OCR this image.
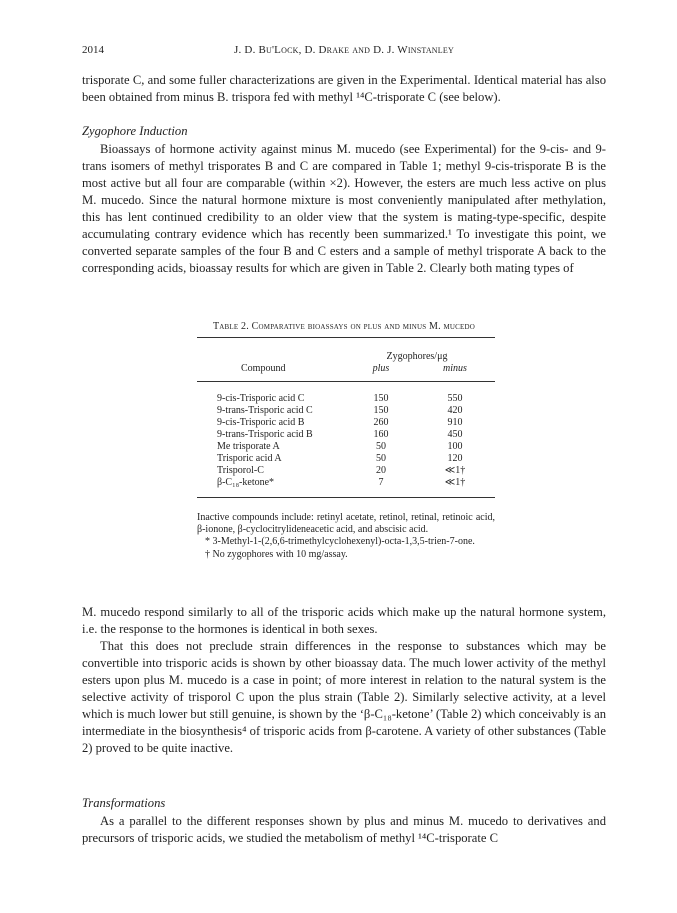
2014	J. D. Bu'Lock, D. Drake and D. J. Winstanley

trisporate C, and some fuller characterizations are given in the Experimental. Identical material has also been obtained from minus B. trispora fed with methyl ¹⁴C-trisporate C (see below).

Zygophore Induction

Bioassays of hormone activity against minus M. mucedo (see Experimental) for the 9-cis- and 9-trans isomers of methyl trisporates B and C are compared in Table 1; methyl 9-cis-trisporate B is the most active but all four are comparable (within ×2). However, the esters are much less active on plus M. mucedo. Since the natural hormone mixture is most conveniently manipulated after methylation, this has lent continued credibility to an older view that the system is mating-type-specific, despite accumulating contrary evidence which has recently been summarized.¹ To investigate this point, we converted separate samples of the four B and C esters and a sample of methyl trisporate A back to the corresponding acids, bioassay results for which are given in Table 2. Clearly both mating types of

Table 2. Comparative bioassays on plus and minus M. mucedo
Zygophores/μg
Compound	plus	minus
9-cis-Trisporic acid C	150	550
9-trans-Trisporic acid C	150	420
9-cis-Trisporic acid B	260	910
9-trans-Trisporic acid B	160	450
Me trisporate A	50	100
Trisporic acid A	50	120
Trisporol-C	20	≪1†
β-C₁₈-ketone*	7	≪1†

Inactive compounds include: retinyl acetate, retinol, retinal, retinoic acid, β-ionone, β-cyclocitrylideneacetic acid, and abscisic acid.

* 3-Methyl-1-(2,6,6-trimethylcyclohexenyl)-octa-1,3,5-trien-7-one.

† No zygophores with 10 mg/assay.

M. mucedo respond similarly to all of the trisporic acids which make up the natural hormone system, i.e. the response to the hormones is identical in both sexes.

That this does not preclude strain differences in the response to substances which may be convertible into trisporic acids is shown by other bioassay data. The much lower activity of the methyl esters upon plus M. mucedo is a case in point; of more interest in relation to the natural system is the selective activity of trisporol C upon the plus strain (Table 2). Similarly selective activity, at a level which is much lower but still genuine, is shown by the ‘β-C₁₈-ketone’ (Table 2) which conceivably is an intermediate in the biosynthesis⁴ of trisporic acids from β-carotene. A variety of other substances (Table 2) proved to be quite inactive.

Transformations

As a parallel to the different responses shown by plus and minus M. mucedo to derivatives and precursors of trisporic acids, we studied the metabolism of methyl ¹⁴C-trisporate C
